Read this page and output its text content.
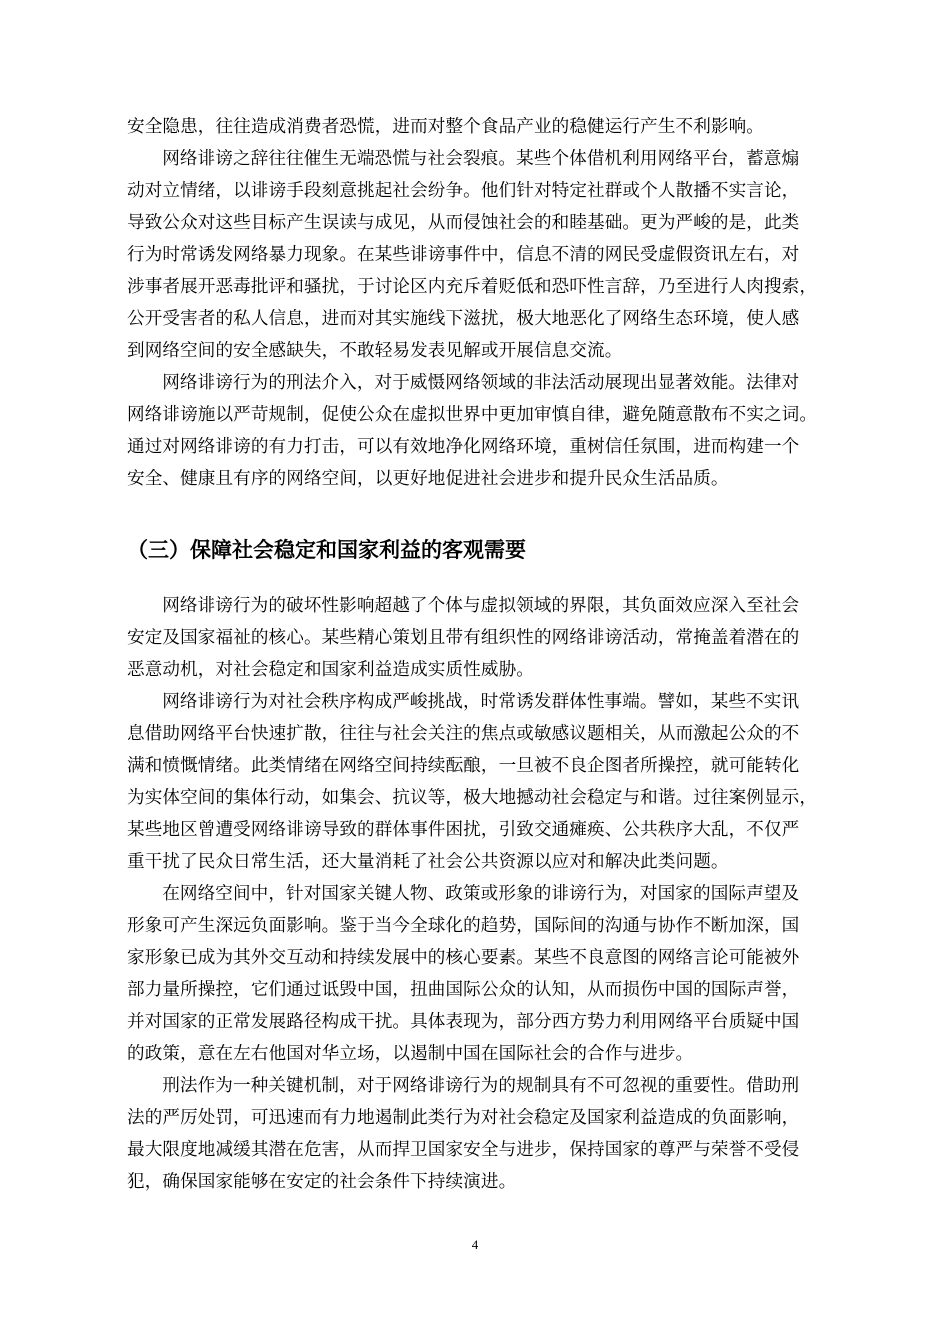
安全隐患，往往造成消费者恐慌，进而对整个食品产业的稳健运行产生不利影响。

网络诽谤之辞往往催生无端恐慌与社会裂痕。某些个体借机利用网络平台，蓄意煽
动对立情绪，以诽谤手段刻意挑起社会纷争。他们针对特定社群或个人散播不实言论，
导致公众对这些目标产生误读与成见，从而侵蚀社会的和睦基础。更为严峻的是，此类
行为时常诱发网络暴力现象。在某些诽谤事件中，信息不清的网民受虚假资讯左右，对
涉事者展开恶毒批评和骚扰，于讨论区内充斥着贬低和恐吓性言辞，乃至进行人肉搜索，
公开受害者的私人信息，进而对其实施线下滋扰，极大地恶化了网络生态环境，使人感
到网络空间的安全感缺失，不敢轻易发表见解或开展信息交流。

网络诽谤行为的刑法介入，对于威慑网络领域的非法活动展现出显著效能。法律对
网络诽谤施以严苛规制，促使公众在虚拟世界中更加审慎自律，避免随意散布不实之词。
通过对网络诽谤的有力打击，可以有效地净化网络环境，重树信任氛围，进而构建一个
安全、健康且有序的网络空间，以更好地促进社会进步和提升民众生活品质。

（三）保障社会稳定和国家利益的客观需要

网络诽谤行为的破坏性影响超越了个体与虚拟领域的界限，其负面效应深入至社会
安定及国家福祉的核心。某些精心策划且带有组织性的网络诽谤活动，常掩盖着潜在的
恶意动机，对社会稳定和国家利益造成实质性威胁。

网络诽谤行为对社会秩序构成严峻挑战，时常诱发群体性事端。譬如，某些不实讯
息借助网络平台快速扩散，往往与社会关注的焦点或敏感议题相关，从而激起公众的不
满和愤慨情绪。此类情绪在网络空间持续酝酿，一旦被不良企图者所操控，就可能转化
为实体空间的集体行动，如集会、抗议等，极大地撼动社会稳定与和谐。过往案例显示，
某些地区曾遭受网络诽谤导致的群体事件困扰，引致交通瘫痪、公共秩序大乱，不仅严
重干扰了民众日常生活，还大量消耗了社会公共资源以应对和解决此类问题。

在网络空间中，针对国家关键人物、政策或形象的诽谤行为，对国家的国际声望及
形象可产生深远负面影响。鉴于当今全球化的趋势，国际间的沟通与协作不断加深，国
家形象已成为其外交互动和持续发展中的核心要素。某些不良意图的网络言论可能被外
部力量所操控，它们通过诋毁中国，扭曲国际公众的认知，从而损伤中国的国际声誉，
并对国家的正常发展路径构成干扰。具体表现为，部分西方势力利用网络平台质疑中国
的政策，意在左右他国对华立场，以遏制中国在国际社会的合作与进步。

刑法作为一种关键机制，对于网络诽谤行为的规制具有不可忽视的重要性。借助刑
法的严厉处罚，可迅速而有力地遏制此类行为对社会稳定及国家利益造成的负面影响，
最大限度地减缓其潜在危害，从而捍卫国家安全与进步，保持国家的尊严与荣誉不受侵
犯，确保国家能够在安定的社会条件下持续演进。

4
